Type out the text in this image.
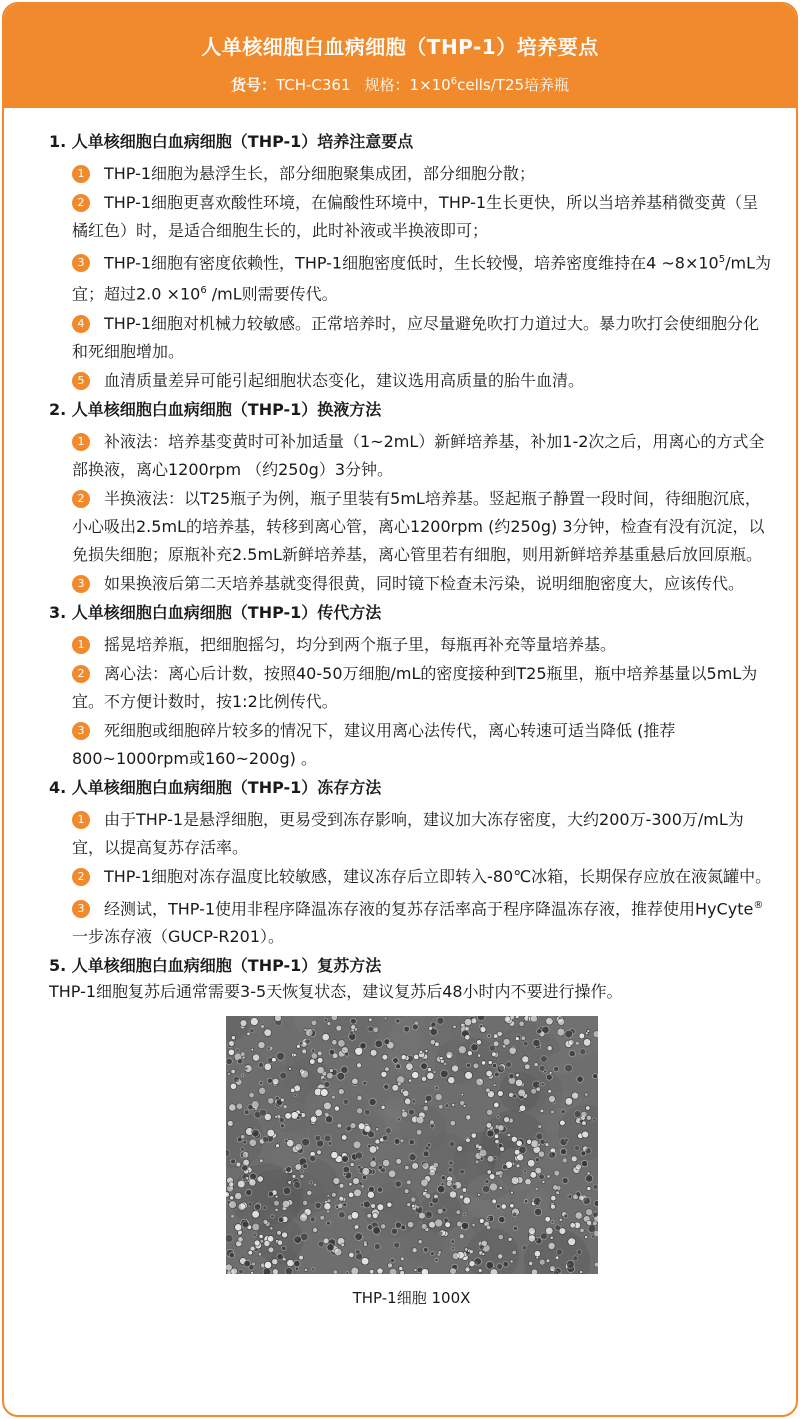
人单核细胞白血病细胞（THP-1）培养要点
货号：TCH-C361 规格：$1\times 10^6cells/T25$培养瓶
1. 人单核细胞白血病细胞（THP-1）培养注意要点
1 THP-1细胞为悬浮生长，部分细胞聚集成团，部分细胞分散；
2 THP-1细胞更喜欢酸性环境，在偏酸性环境中，THP-1生长更快，所以当培养基稍微变黄（呈橘红色）时，是适合细胞生长的，此时补液或半换液即可；
3 THP-1细胞有密度依赖性，THP-1细胞密度低时，生长较慢，培养密度维持在4 $\sim 8\times 10^5/mL$为宜；超过$2.0 \times 10^6$ /mL则需要传代。
4 THP-1细胞对机械力较敏感。正常培养时，应尽量避免吹打力道过大。暴力吹打会使细胞分化和死细胞增加。
5 血清质量差异可能引起细胞状态变化，建议选用高质量的胎牛血清。
2. 人单核细胞白血病细胞（THP-1）换液方法
1 补液法：培养基变黄时可补加适量（1~2mL）新鲜培养基，补加1-2次之后，用离心的方式全部换液，离心1200rpm （约250g）3分钟。
2 半换液法：以T25瓶子为例，瓶子里装有5mL培养基。竖起瓶子静置一段时间，待细胞沉底，小心吸出2.5mL的培养基，转移到离心管，离心1200rpm (约250g) 3分钟，检查有没有沉淀，以免损失细胞；原瓶补充2.5mL新鲜培养基，离心管里若有细胞，则用新鲜培养基重悬后放回原瓶。
3 如果换液后第二天培养基就变得很黄，同时镜下检查未污染，说明细胞密度大，应该传代。
3. 人单核细胞白血病细胞（THP-1）传代方法
1 摇晃培养瓶，把细胞摇匀，均分到两个瓶子里，每瓶再补充等量培养基。
2 离心法：离心后计数，按照40-50万细胞/mL的密度接种到T25瓶里，瓶中培养基量以5mL为宜。不方便计数时，按1:2比例传代。
3 死细胞或细胞碎片较多的情况下，建议用离心法传代，离心转速可适当降低 (推荐800~1000rpm或160~200g) 。
4. 人单核细胞白血病细胞（THP-1）冻存方法
1 由于THP-1是悬浮细胞，更易受到冻存影响，建议加大冻存密度，大约200万-300万/mL为宜，以提高复苏存活率。
2 THP-1细胞对冻存温度比较敏感，建议冻存后立即转入-80℃冰箱，长期保存应放在液氮罐中。
3 经测试，THP-1使用非程序降温冻存液的复苏存活率高于程序降温冻存液，推荐使用HyCyte®一步冻存液（GUCP-R201）。
5. 人单核细胞白血病细胞（THP-1）复苏方法
THP-1细胞复苏后通常需要3-5天恢复状态，建议复苏后48小时内不要进行操作。
THP-1细胞 100X
